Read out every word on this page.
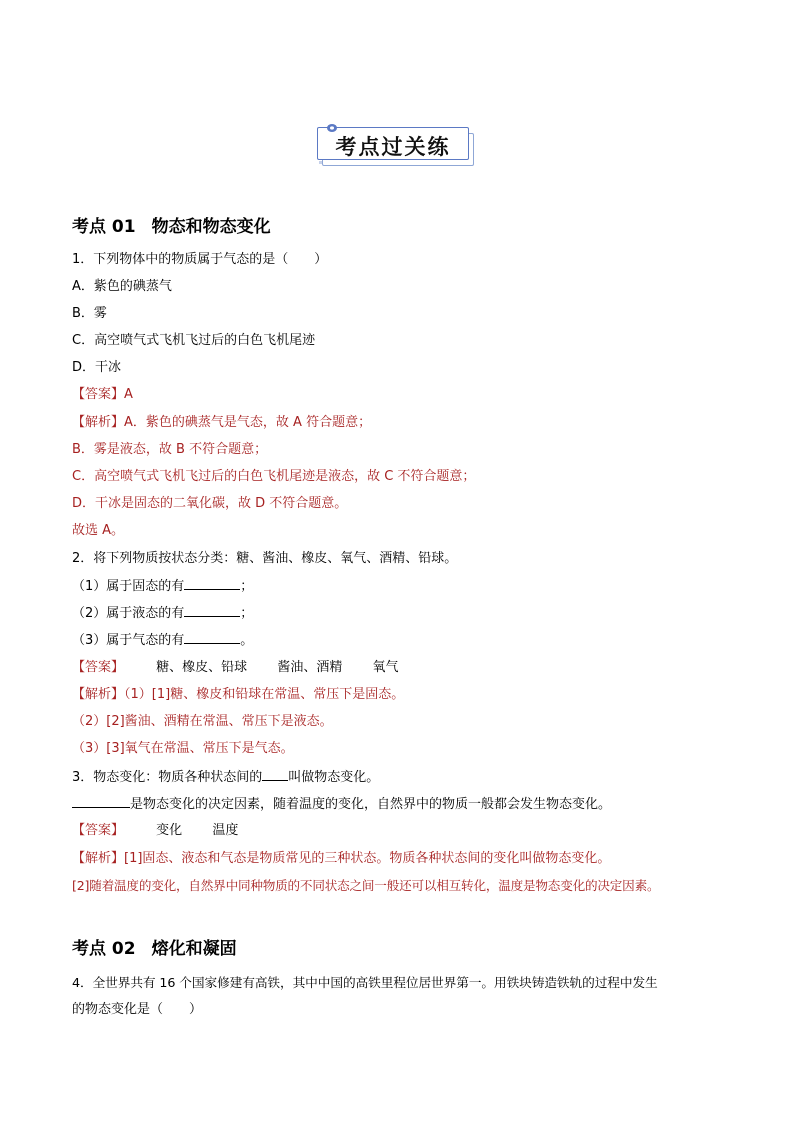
考点过关练
考点 01 物态和物态变化
1．下列物体中的物质属于气态的是（　　）
A．紫色的碘蒸气
B．雾
C．高空喷气式飞机飞过后的白色飞机尾迹
D．干冰
【答案】A
【解析】A．紫色的碘蒸气是气态，故 A 符合题意；
B．雾是液态，故 B 不符合题意；
C．高空喷气式飞机飞过后的白色飞机尾迹是液态，故 C 不符合题意；
D．干冰是固态的二氧化碳，故 D 不符合题意。
故选 A。
2．将下列物质按状态分类：糖、酱油、橡皮、氧气、酒精、铅球。
（1）属于固态的有	；
（2）属于液态的有	；
（3）属于气态的有	。
【答案】 糖、橡皮、铅球 酱油、酒精 氧气
【解析】（1）[1]糖、橡皮和铅球在常温、常压下是固态。
（2）[2]酱油、酒精在常温、常压下是液态。
（3）[3]氧气在常温、常压下是气态。
3．物态变化：物质各种状态间的 叫做物态变化。
是物态变化的决定因素，随着温度的变化，自然界中的物质一般都会发生物态变化。
【答案】 变化 温度
【解析】[1]固态、液态和气态是物质常见的三种状态。物质各种状态间的变化叫做物态变化。
[2]随着温度的变化，自然界中同种物质的不同状态之间一般还可以相互转化，温度是物态变化的决定因素。
考点 02 熔化和凝固
4．全世界共有 16 个国家修建有高铁，其中中国的高铁里程位居世界第一。用铁块铸造铁轨的过程中发生
的物态变化是（　　）
